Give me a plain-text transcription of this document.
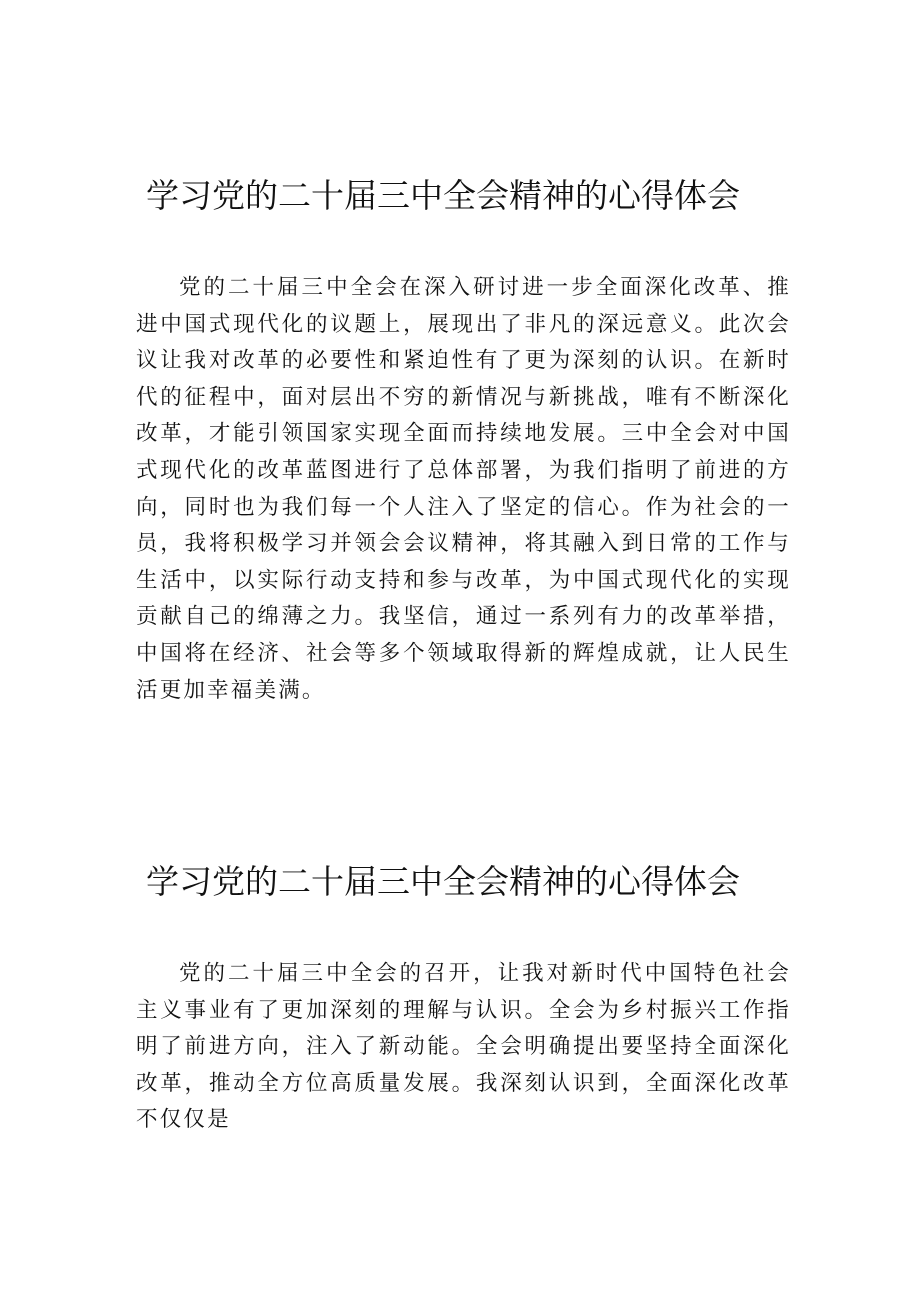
学习党的二十届三中全会精神的心得体会

党的二十届三中全会在深入研讨进一步全面深化改革、推进中国式现代化的议题上，展现出了非凡的深远意义。此次会议让我对改革的必要性和紧迫性有了更为深刻的认识。在新时代的征程中，面对层出不穷的新情况与新挑战，唯有不断深化改革，才能引领国家实现全面而持续地发展。三中全会对中国式现代化的改革蓝图进行了总体部署，为我们指明了前进的方向，同时也为我们每一个人注入了坚定的信心。作为社会的一员，我将积极学习并领会会议精神，将其融入到日常的工作与生活中，以实际行动支持和参与改革，为中国式现代化的实现贡献自己的绵薄之力。我坚信，通过一系列有力的改革举措，中国将在经济、社会等多个领域取得新的辉煌成就，让人民生活更加幸福美满。

学习党的二十届三中全会精神的心得体会

党的二十届三中全会的召开，让我对新时代中国特色社会主义事业有了更加深刻的理解与认识。全会为乡村振兴工作指明了前进方向，注入了新动能。全会明确提出要坚持全面深化改革，推动全方位高质量发展。我深刻认识到，全面深化改革不仅仅是
